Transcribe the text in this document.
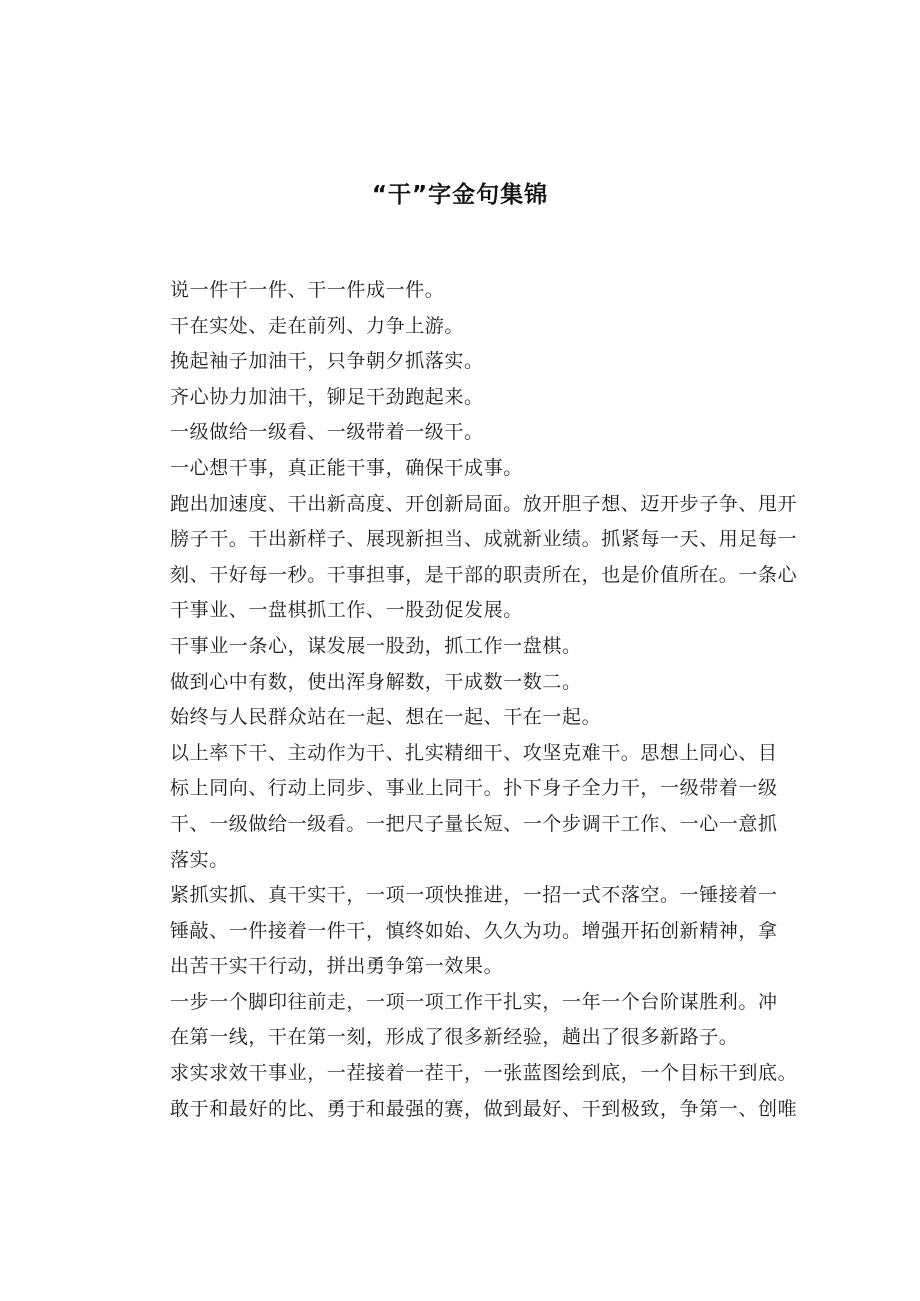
“干”字金句集锦
说一件干一件、干一件成一件。
干在实处、走在前列、力争上游。
挽起袖子加油干，只争朝夕抓落实。
齐心协力加油干，铆足干劲跑起来。
一级做给一级看、一级带着一级干。
一心想干事，真正能干事，确保干成事。
跑出加速度、干出新高度、开创新局面。放开胆子想、迈开步子争、甩开
膀子干。干出新样子、展现新担当、成就新业绩。抓紧每一天、用足每一
刻、干好每一秒。干事担事，是干部的职责所在，也是价值所在。一条心
干事业、一盘棋抓工作、一股劲促发展。
干事业一条心，谋发展一股劲，抓工作一盘棋。
做到心中有数，使出浑身解数，干成数一数二。
始终与人民群众站在一起、想在一起、干在一起。
以上率下干、主动作为干、扎实精细干、攻坚克难干。思想上同心、目
标上同向、行动上同步、事业上同干。扑下身子全力干，一级带着一级
干、一级做给一级看。一把尺子量长短、一个步调干工作、一心一意抓
落实。
紧抓实抓、真干实干，一项一项快推进，一招一式不落空。一锤接着一
锤敲、一件接着一件干，慎终如始、久久为功。增强开拓创新精神，拿
出苦干实干行动，拼出勇争第一效果。
一步一个脚印往前走，一项一项工作干扎实，一年一个台阶谋胜利。冲
在第一线，干在第一刻，形成了很多新经验，趟出了很多新路子。
求实求效干事业，一茬接着一茬干，一张蓝图绘到底，一个目标干到底。
敢于和最好的比、勇于和最强的赛，做到最好、干到极致，争第一、创唯
